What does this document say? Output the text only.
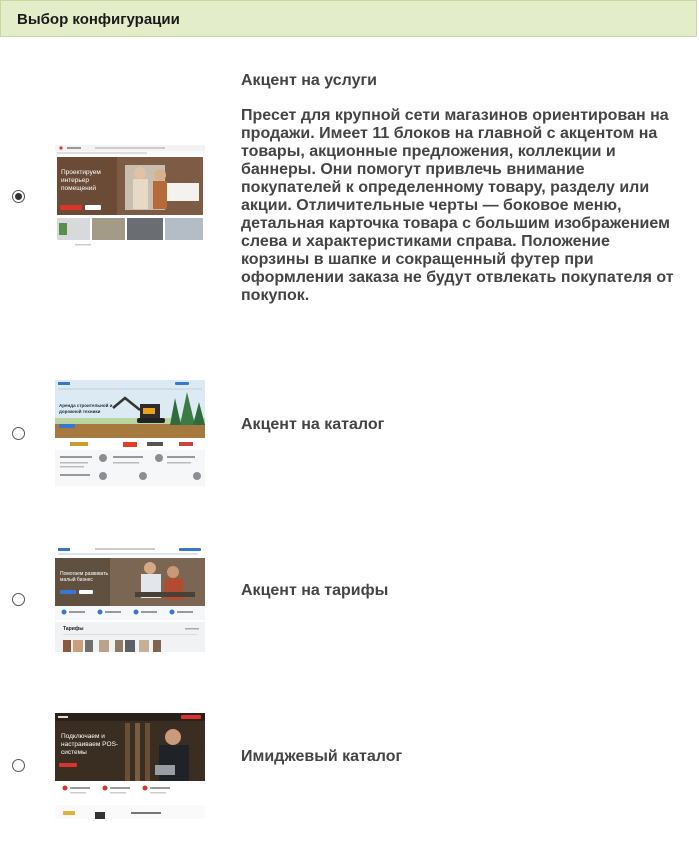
Выбор конфигурации
Проектируем интерьер помещений
Акцент на услуги
Пресет для крупной сети магазинов ориентирован на продажи. Имеет 11 блоков на главной с акцентом на товары, акционные предложения, коллекции и баннеры. Они помогут привлечь внимание покупателей к определенному товару, разделу или акции. Отличительные черты — боковое меню, детальная карточка товара с большим изображением слева и характеристиками справа. Положение корзины в шапке и сокращенный футер при оформлении заказа не будут отвлекать покупателя от покупок.
Аренда строительной и дорожной техники
Акцент на каталог
Помогаем развивать малый бизнес
Тарифы
Акцент на тарифы
Подключаем и настраиваем POS-системы	Имиджевый каталог
